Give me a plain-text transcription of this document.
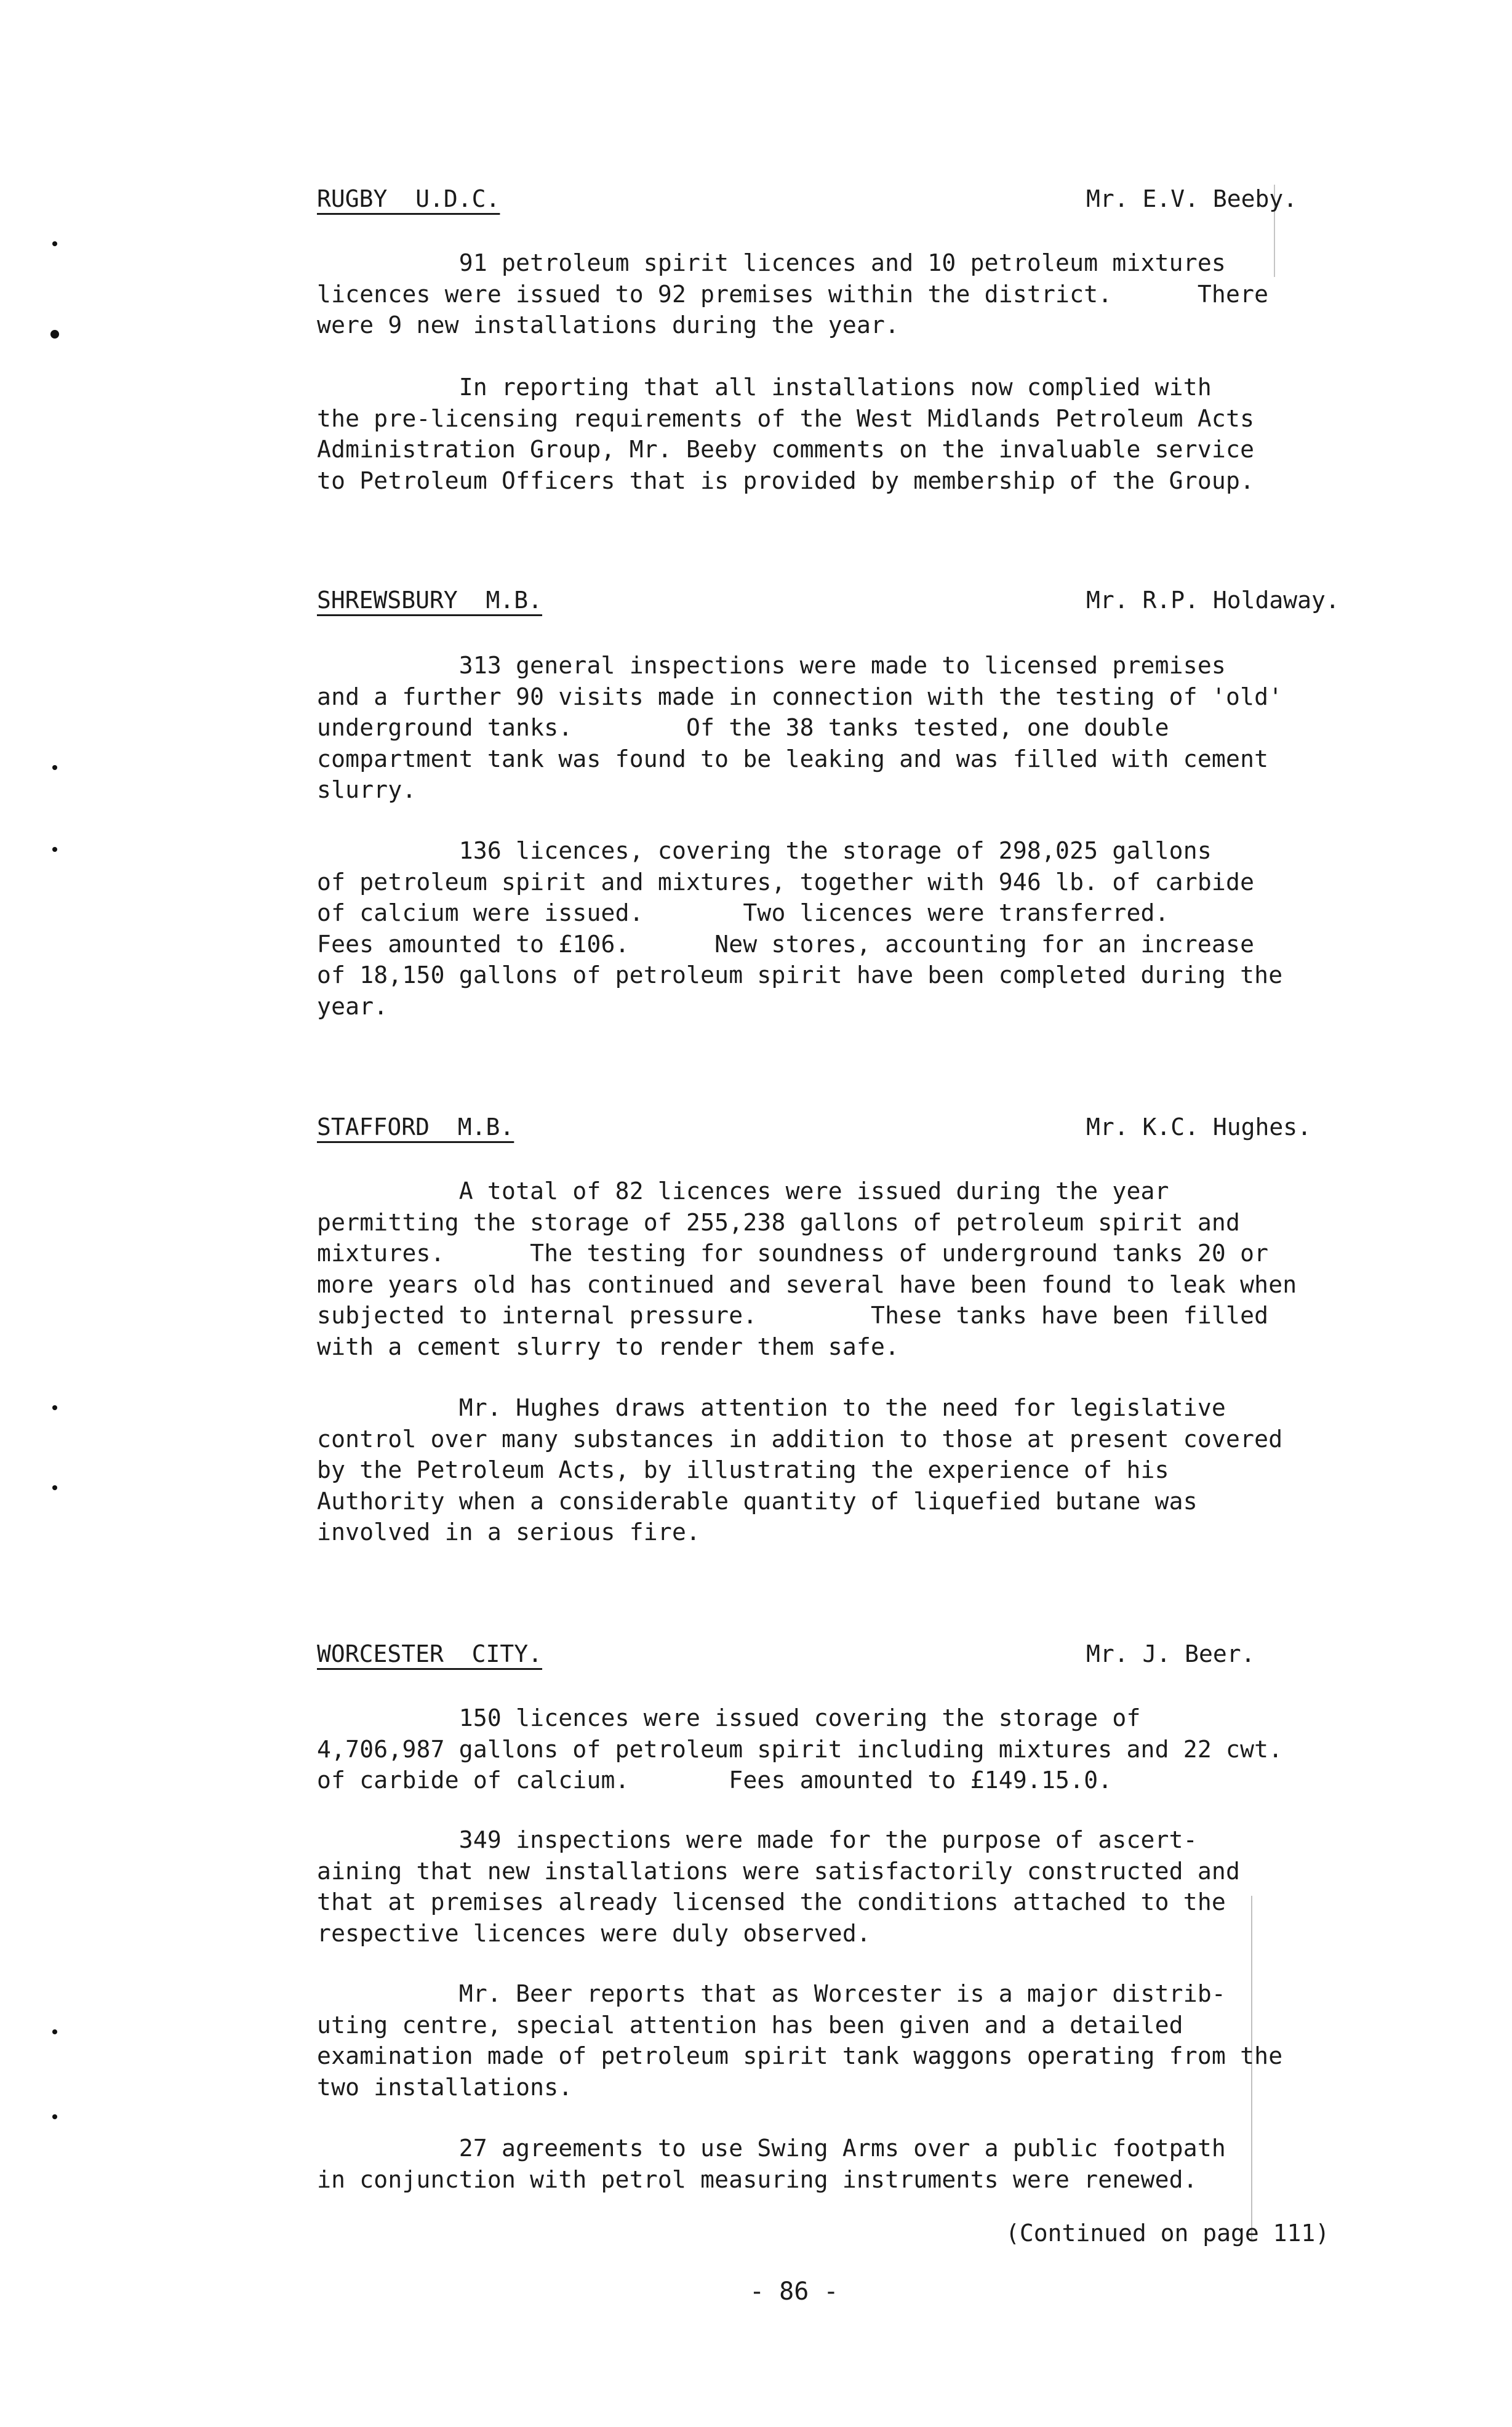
RUGBY  U.D.C.	Mr. E.V. Beeby.
91 petroleum spirit licences and 10 petroleum mixtures
licences were issued to 92 premises within the district.      There
were 9 new installations during the year.
In reporting that all installations now complied with
the pre-licensing requirements of the West Midlands Petroleum Acts
Administration Group, Mr. Beeby comments on the invaluable service
to Petroleum Officers that is provided by membership of the Group.
SHREWSBURY  M.B.	Mr. R.P. Holdaway.
313 general inspections were made to licensed premises
and a further 90 visits made in connection with the testing of 'old'
underground tanks.        Of the 38 tanks tested, one double
compartment tank was found to be leaking and was filled with cement
slurry.
136 licences, covering the storage of 298,025 gallons
of petroleum spirit and mixtures, together with 946 lb. of carbide
of calcium were issued.       Two licences were transferred.
Fees amounted to £106.      New stores, accounting for an increase
of 18,150 gallons of petroleum spirit have been completed during the
year.
STAFFORD  M.B.	Mr. K.C. Hughes.
A total of 82 licences were issued during the year
permitting the storage of 255,238 gallons of petroleum spirit and
mixtures.      The testing for soundness of underground tanks 20 or
more years old has continued and several have been found to leak when
subjected to internal pressure.        These tanks have been filled
with a cement slurry to render them safe.
Mr. Hughes draws attention to the need for legislative
control over many substances in addition to those at present covered
by the Petroleum Acts, by illustrating the experience of his
Authority when a considerable quantity of liquefied butane was
involved in a serious fire.
WORCESTER  CITY.	Mr. J. Beer.
150 licences were issued covering the storage of
4,706,987 gallons of petroleum spirit including mixtures and 22 cwt.
of carbide of calcium.       Fees amounted to £149.15.0.
349 inspections were made for the purpose of ascert-
aining that new installations were satisfactorily constructed and
that at premises already licensed the conditions attached to the
respective licences were duly observed.
Mr. Beer reports that as Worcester is a major distrib-
uting centre, special attention has been given and a detailed
examination made of petroleum spirit tank waggons operating from the
two installations.
27 agreements to use Swing Arms over a public footpath
in conjunction with petrol measuring instruments were renewed.
(Continued on page 111)
- 86 -
